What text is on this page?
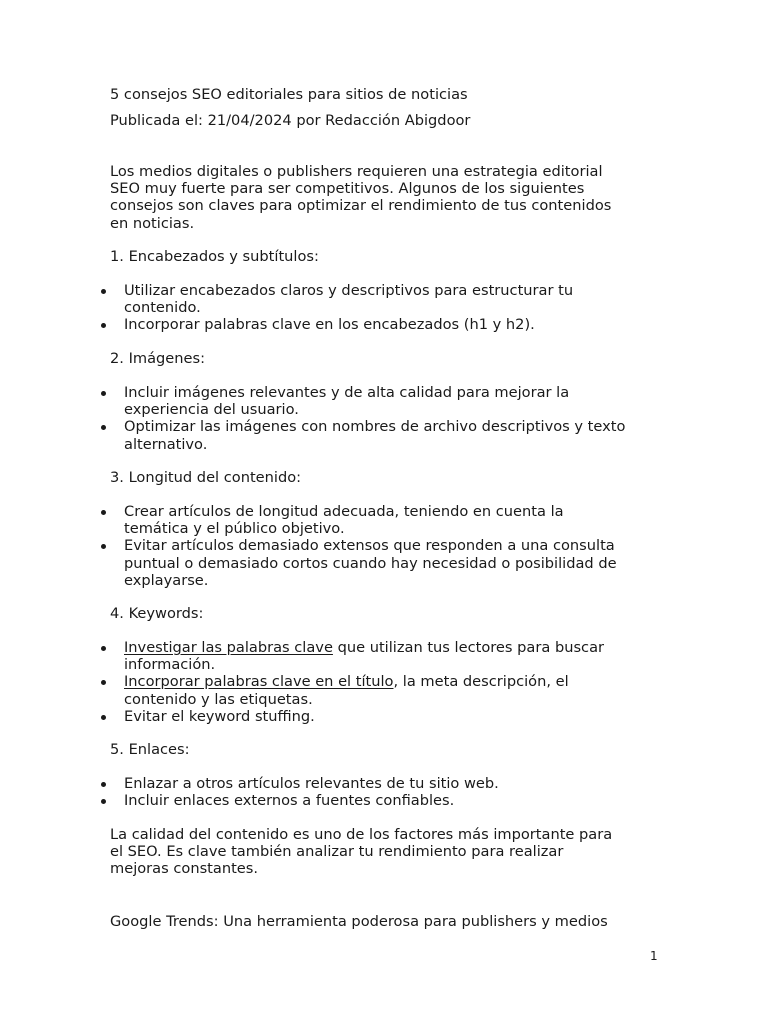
5 consejos SEO editoriales para sitios de noticias
Publicada el: 21/04/2024 por Redacción Abigdoor
Los medios digitales o publishers requieren una estrategia editorial
SEO muy fuerte para ser competitivos. Algunos de los siguientes
consejos son claves para optimizar el rendimiento de tus contenidos
en noticias.
1. Encabezados y subtítulos:
Utilizar encabezados claros y descriptivos para estructurar tu
contenido.
Incorporar palabras clave en los encabezados (h1 y h2).
2. Imágenes:
Incluir imágenes relevantes y de alta calidad para mejorar la
experiencia del usuario.
Optimizar las imágenes con nombres de archivo descriptivos y texto
alternativo.
3. Longitud del contenido:
Crear artículos de longitud adecuada, teniendo en cuenta la
temática y el público objetivo.
Evitar artículos demasiado extensos que responden a una consulta
puntual o demasiado cortos cuando hay necesidad o posibilidad de
explayarse.
4. Keywords:
Investigar las palabras clave que utilizan tus lectores para buscar
información.
Incorporar palabras clave en el título, la meta descripción, el
contenido y las etiquetas.
Evitar el keyword stuffing.
5. Enlaces:
Enlazar a otros artículos relevantes de tu sitio web.
Incluir enlaces externos a fuentes confiables.
La calidad del contenido es uno de los factores más importante para
el SEO. Es clave también analizar tu rendimiento para realizar
mejoras constantes.
Google Trends: Una herramienta poderosa para publishers y medios
1
